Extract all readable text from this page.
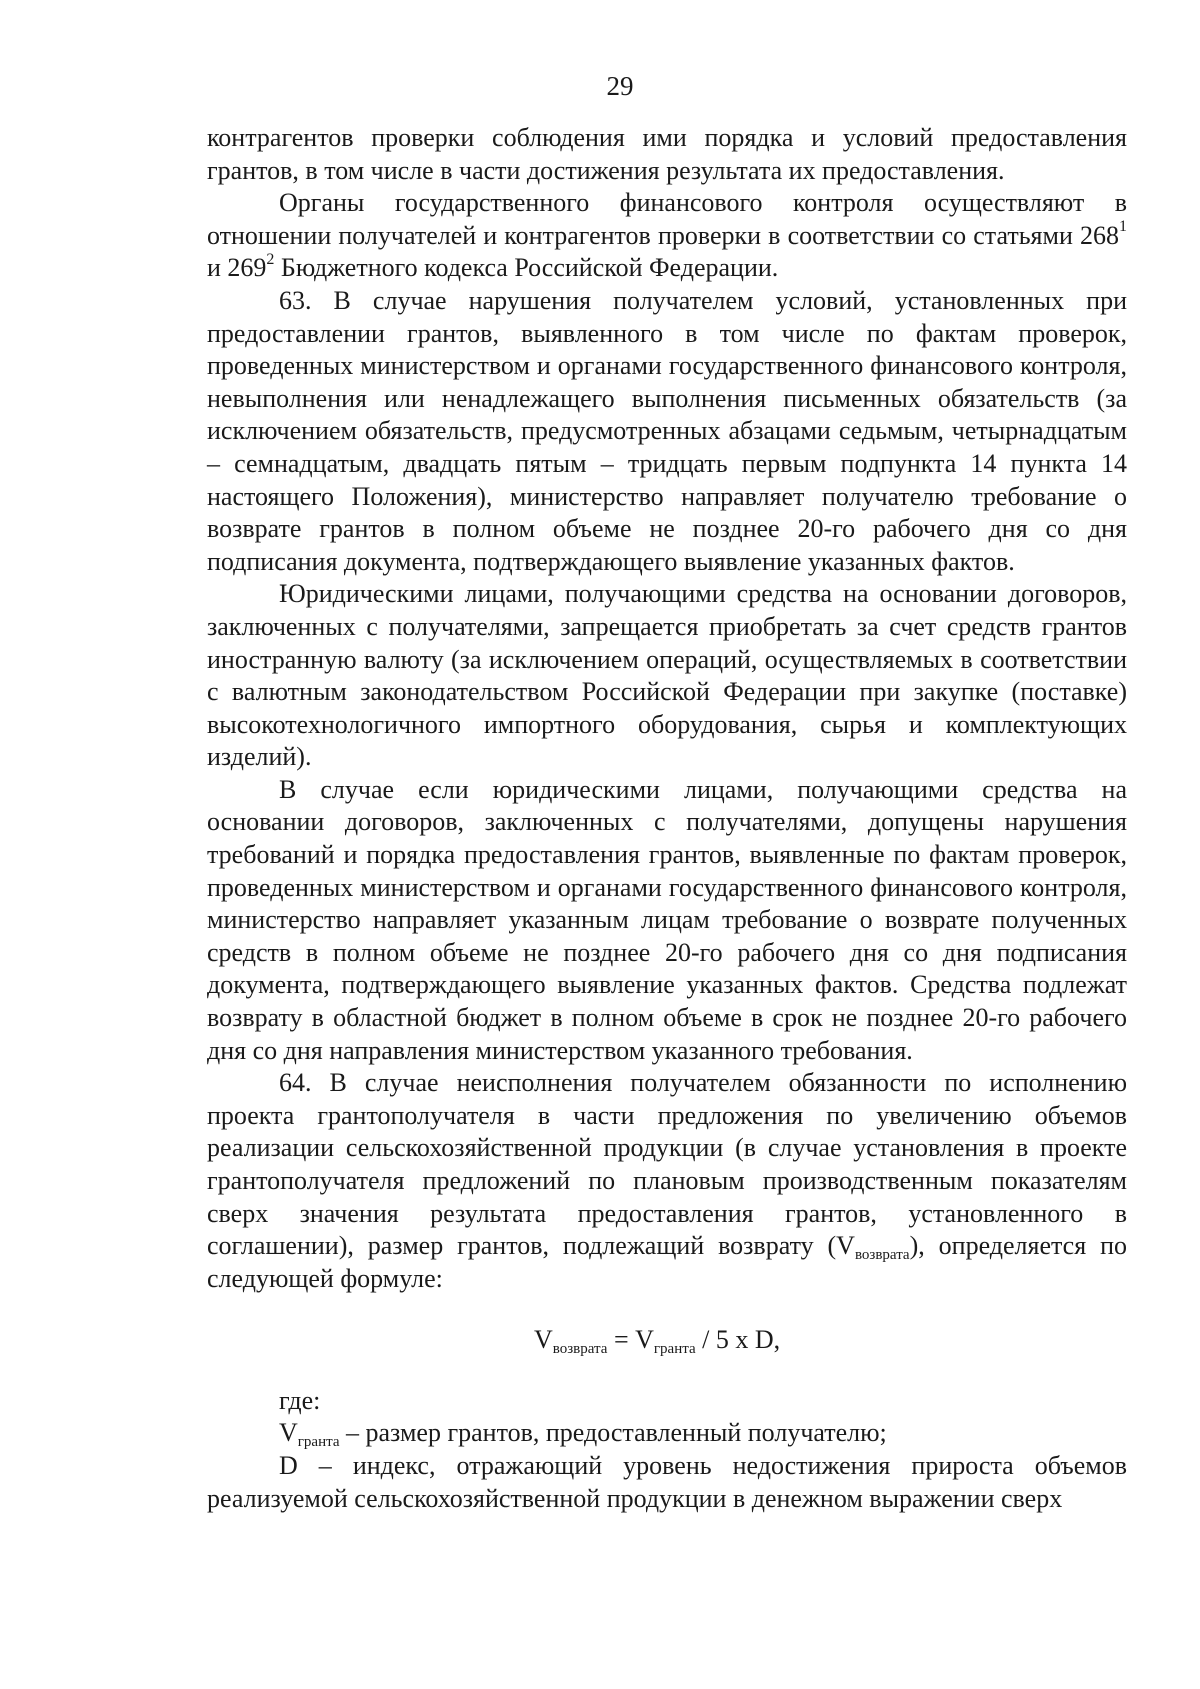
29

контрагентов проверки соблюдения ими порядка и условий предоставления грантов, в том числе в части достижения результата их предоставления.

Органы государственного финансового контроля осуществляют в отношении получателей и контрагентов проверки в соответствии со статьями $268^1$ и $269^2$ Бюджетного кодекса Российской Федерации.

63. В случае нарушения получателем условий, установленных при предоставлении грантов, выявленного в том числе по фактам проверок, проведенных министерством и органами государственного финансового контроля, невыполнения или ненадлежащего выполнения письменных обязательств (за исключением обязательств, предусмотренных абзацами седьмым, четырнадцатым – семнадцатым, двадцать пятым – тридцать первым подпункта 14 пункта 14 настоящего Положения), министерство направляет получателю требование о возврате грантов в полном объеме не позднее 20-го рабочего дня со дня подписания документа, подтверждающего выявление указанных фактов.

Юридическими лицами, получающими средства на основании договоров, заключенных с получателями, запрещается приобретать за счет средств грантов иностранную валюту (за исключением операций, осуществляемых в соответствии с валютным законодательством Российской Федерации при закупке (поставке) высокотехнологичного импортного оборудования, сырья и комплектующих изделий).

В случае если юридическими лицами, получающими средства на основании договоров, заключенных с получателями, допущены нарушения требований и порядка предоставления грантов, выявленные по фактам проверок, проведенных министерством и органами государственного финансового контроля, министерство направляет указанным лицам требование о возврате полученных средств в полном объеме не позднее 20-го рабочего дня со дня подписания документа, подтверждающего выявление указанных фактов. Средства подлежат возврату в областной бюджет в полном объеме в срок не позднее 20-го рабочего дня со дня направления министерством указанного требования.

64. В случае неисполнения получателем обязанности по исполнению проекта грантополучателя в части предложения по увеличению объемов реализации сельскохозяйственной продукции (в случае установления в проекте грантополучателя предложений по плановым производственным показателям сверх значения результата предоставления грантов, установленного в соглашении), размер грантов, подлежащий возврату $(V_{возврата})$, определяется по следующей формуле:

$V_{возврата} = V_{гранта} / 5$ x D,

где:

$V_{гранта}$ – размер грантов, предоставленный получателю;

D – индекс, отражающий уровень недостижения прироста объемов реализуемой сельскохозяйственной продукции в денежном выражении сверх
